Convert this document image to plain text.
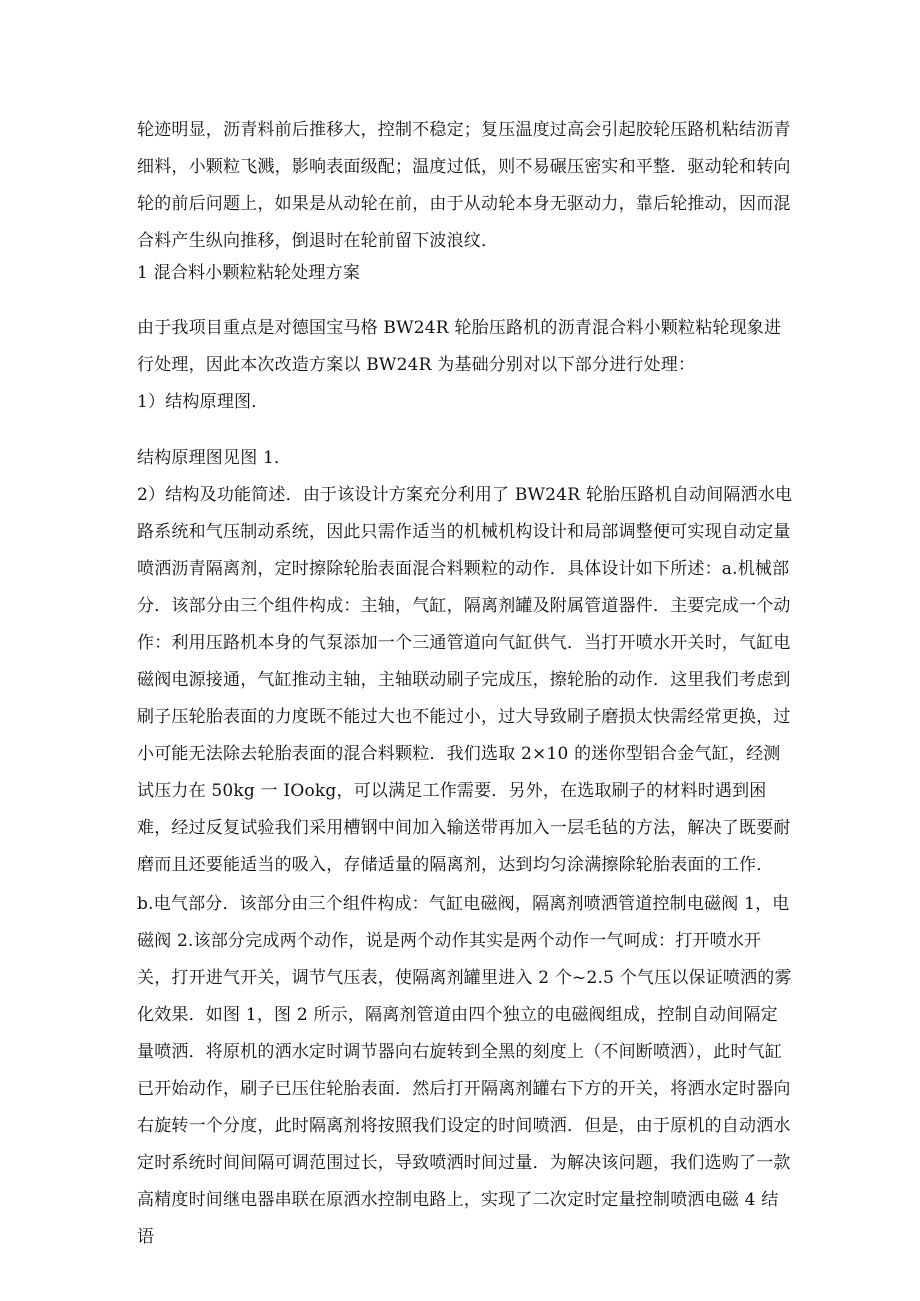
轮迹明显，沥青料前后推移大，控制不稳定；复压温度过高会引起胶轮压路机粘结沥青细料，小颗粒飞溅，影响表面级配；温度过低，则不易碾压密实和平整．驱动轮和转向轮的前后问题上，如果是从动轮在前，由于从动轮本身无驱动力，靠后轮推动，因而混合料产生纵向推移，倒退时在轮前留下波浪纹．

1 混合料小颗粒粘轮处理方案

由于我项目重点是对德国宝马格 BW24R 轮胎压路机的沥青混合料小颗粒粘轮现象进行处理，因此本次改造方案以 BW24R 为基础分别对以下部分进行处理：

1）结构原理图．

结构原理图见图 1．

2）结构及功能简述．由于该设计方案充分利用了 BW24R 轮胎压路机自动间隔洒水电路系统和气压制动系统，因此只需作适当的机械机构设计和局部调整便可实现自动定量喷洒沥青隔离剂，定时擦除轮胎表面混合料颗粒的动作．具体设计如下所述：a.机械部分．该部分由三个组件构成：主轴，气缸，隔离剂罐及附属管道器件．主要完成一个动作：利用压路机本身的气泵添加一个三通管道向气缸供气．当打开喷水开关时，气缸电磁阀电源接通，气缸推动主轴，主轴联动刷子完成压，擦轮胎的动作．这里我们考虑到刷子压轮胎表面的力度既不能过大也不能过小，过大导致刷子磨损太快需经常更换，过小可能无法除去轮胎表面的混合料颗粒．我们选取 2×10 的迷你型铝合金气缸，经测试压力在 50kg 一 IOokg，可以满足工作需要．另外，在选取刷子的材料时遇到困难，经过反复试验我们采用槽钢中间加入输送带再加入一层毛毡的方法，解决了既要耐磨而且还要能适当的吸入，存储适量的隔离剂，达到均匀涂满擦除轮胎表面的工作．

b.电气部分．该部分由三个组件构成：气缸电磁阀，隔离剂喷洒管道控制电磁阀 1，电磁阀 2.该部分完成两个动作，说是两个动作其实是两个动作一气呵成：打开喷水开关，打开进气开关，调节气压表，使隔离剂罐里进入 2 个~2.5 个气压以保证喷洒的雾化效果．如图 1，图 2 所示，隔离剂管道由四个独立的电磁阀组成，控制自动间隔定量喷洒．将原机的洒水定时调节器向右旋转到全黑的刻度上（不间断喷洒），此时气缸已开始动作，刷子已压住轮胎表面．然后打开隔离剂罐右下方的开关，将洒水定时器向右旋转一个分度，此时隔离剂将按照我们设定的时间喷洒．但是，由于原机的自动洒水定时系统时间间隔可调范围过长，导致喷洒时间过量．为解决该问题，我们选购了一款高精度时间继电器串联在原洒水控制电路上，实现了二次定时定量控制喷洒电磁 4 结语
